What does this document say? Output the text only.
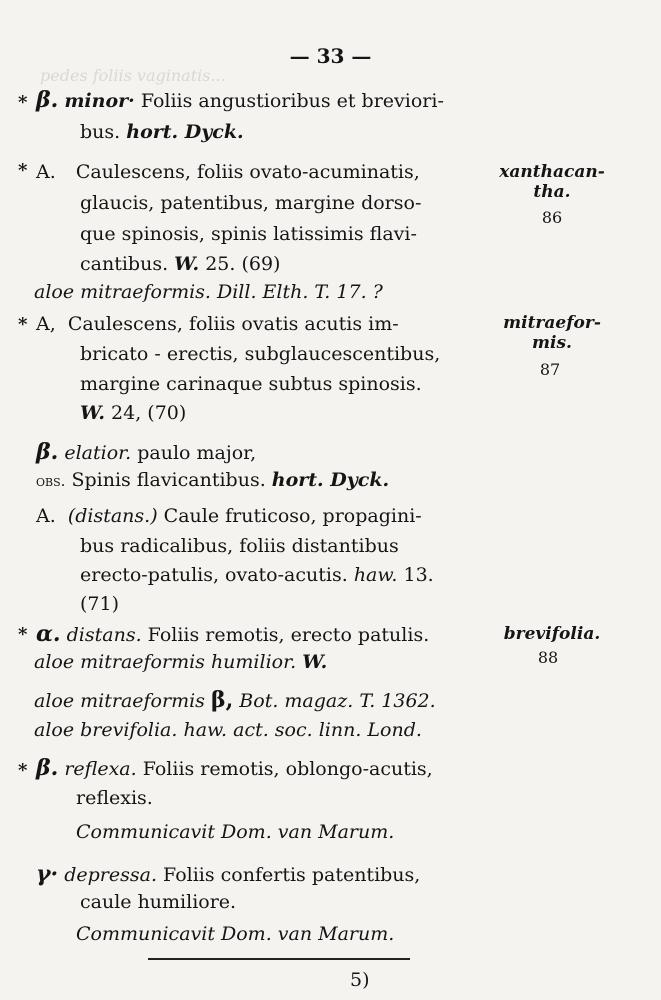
pedes foliis vaginatis...
— 33 —
* β. minor· Foliis angustioribus et breviori-
bus. hort. Dyck.
* A. Caulescens, foliis ovato-acuminatis,
glaucis, patentibus, margine dorso-
que spinosis, spinis latissimis flavi-
cantibus. W. 25. (69)
aloe mitraeformis. Dill. Elth. T. 17. ?
xanthacan-
tha.
86
* A, Caulescens, foliis ovatis acutis im-
bricato - erectis, subglaucescentibus,
margine carinaque subtus spinosis.
W. 24, (70)
mitraefor-
mis.
87
β. elatior. paulo major,
obs. Spinis flavicantibus. hort. Dyck.
A. (distans.) Caule fruticoso, propagini-
bus radicalibus, foliis distantibus
erecto-patulis, ovato-acutis. haw. 13.
(71)
* α. distans. Foliis remotis, erecto patulis.
aloe mitraeformis humilior. W.
aloe mitraeformis β, Bot. magaz. T. 1362.
aloe brevifolia. haw. act. soc. linn. Lond.
brevifolia.
88
* β. reflexa. Foliis remotis, oblongo-acutis,
reflexis.
Communicavit Dom. van Marum.
γ· depressa. Foliis confertis patentibus,
caule humiliore.
Communicavit Dom. van Marum.
5)
